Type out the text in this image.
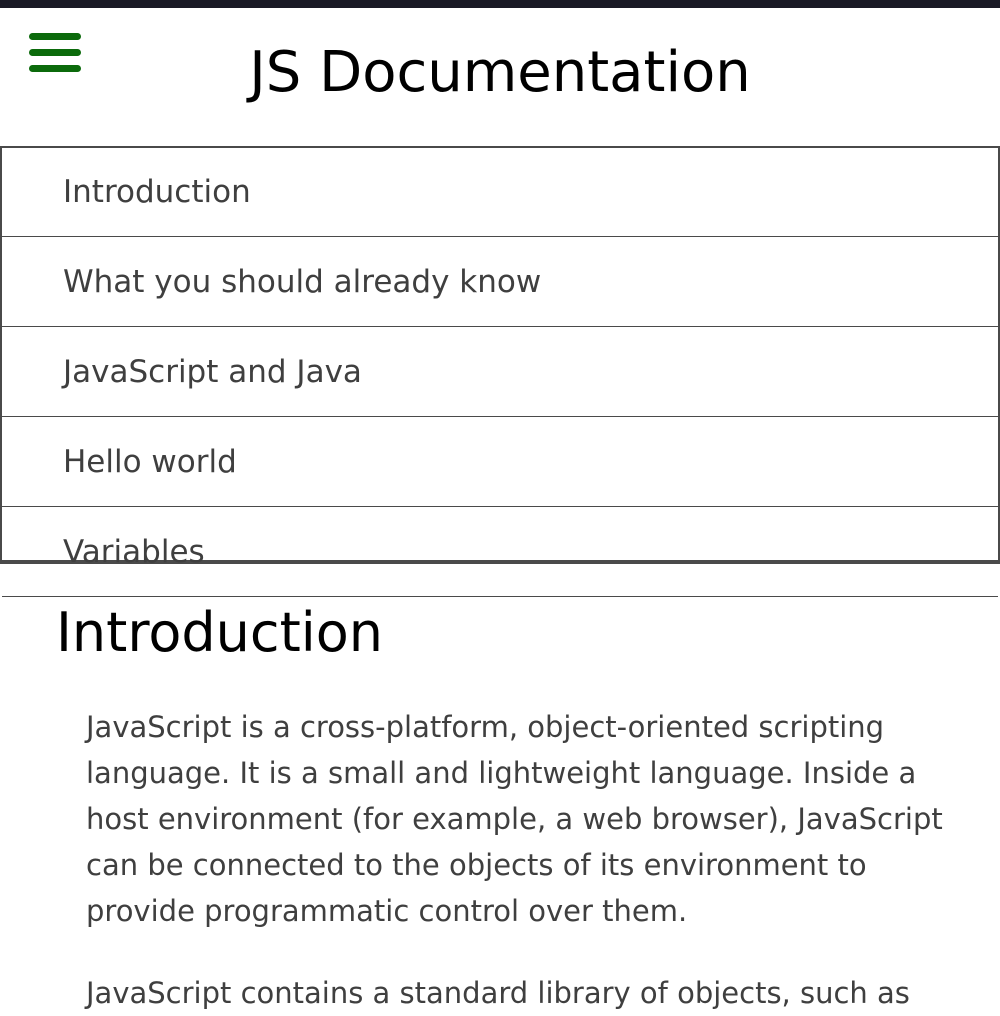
JS Documentation
Introduction
What you should already know
JavaScript and Java
Hello world
Variables
Introduction

JavaScript is a cross-platform, object-oriented scripting language. It is a small and lightweight language. Inside a host environment (for example, a web browser), JavaScript can be connected to the objects of its environment to provide programmatic control over them.

JavaScript contains a standard library of objects, such as
